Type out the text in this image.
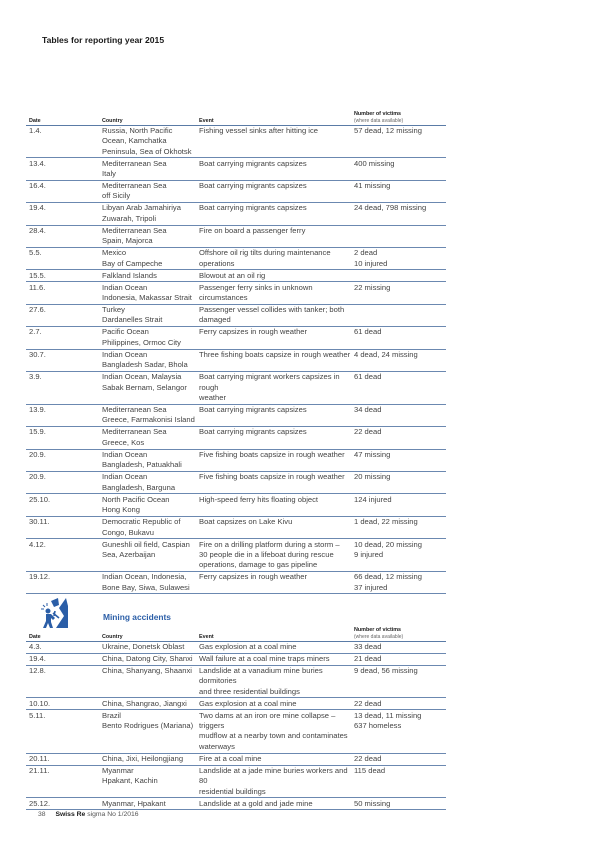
Tables for reporting year 2015
Date	Country	Event	Number of victims
(where data available)

1.4.	Russia, North Pacific
Ocean, Kamchatka
Peninsula, Sea of Okhotsk	Fishing vessel sinks after hitting ice	57 dead, 12 missing

13.4.	Mediterranean Sea
Italy	Boat carrying migrants capsizes	400 missing

16.4.	Mediterranean Sea
off Sicily	Boat carrying migrants capsizes	41 missing

19.4.	Libyan Arab Jamahiriya
Zuwarah, Tripoli	Boat carrying migrants capsizes	24 dead, 798 missing

28.4.	Mediterranean Sea
Spain, Majorca	Fire on board a passenger ferry	

5.5.	Mexico
Bay of Campeche	Offshore oil rig tilts during maintenance
operations	2 dead
10 injured

15.5.	Falkland Islands	Blowout at an oil rig	

11.6.	Indian Ocean
Indonesia, Makassar Strait	Passenger ferry sinks in unknown circumstances	22 missing

27.6.	Turkey
Dardanelles Strait	Passenger vessel collides with tanker; both
damaged	

2.7.	Pacific Ocean
Philippines, Ormoc City	Ferry capsizes in rough weather	61 dead

30.7.	Indian Ocean
Bangladesh Sadar, Bhola	Three fishing boats capsize in rough weather	4 dead, 24 missing

3.9.	Indian Ocean, Malaysia
Sabak Bernam, Selangor	Boat carrying migrant workers capsizes in rough
weather	61 dead

13.9.	Mediterranean Sea
Greece, Farmakonisi Island	Boat carrying migrants capsizes	34 dead

15.9.	Mediterranean Sea
Greece, Kos	Boat carrying migrants capsizes	22 dead

20.9.	Indian Ocean
Bangladesh, Patuakhali	Five fishing boats capsize in rough weather	47 missing

20.9.	Indian Ocean
Bangladesh, Barguna	Five fishing boats capsize in rough weather	20 missing

25.10.	North Pacific Ocean
Hong Kong	High-speed ferry hits floating object	124 injured

30.11.	Democratic Republic of
Congo, Bukavu	Boat capsizes on Lake Kivu	1 dead, 22 missing

4.12.	Guneshli oil field, Caspian
Sea, Azerbaijan	Fire on a drilling platform during a storm –
30 people die in a lifeboat during rescue
operations, damage to gas pipeline	10 dead, 20 missing
9 injured

19.12.	Indian Ocean, Indonesia,
Bone Bay, Siwa, Sulawesi	Ferry capsizes in rough weather	66 dead, 12 missing
37 injured
Mining accidents
Date	Country	Event	Number of victims
(where data available)

4.3.	Ukraine, Donetsk Oblast	Gas explosion at a coal mine	33 dead

19.4.	China, Datong City, Shanxi	Wall failure at a coal mine traps miners	21 dead

12.8.	China, Shanyang, Shaanxi	Landslide at a vanadium mine buries dormitories
and three residential buildings	9 dead, 56 missing

10.10.	China, Shangrao, Jiangxi	Gas explosion at a coal mine	22 dead

5.11.	Brazil
Bento Rodrigues (Mariana)	Two dams at an iron ore mine collapse – triggers
mudflow at a nearby town and contaminates
waterways	13 dead, 11 missing
637 homeless

20.11.	China, Jixi, Heilongjiang	Fire at a coal mine	22 dead

21.11.	Myanmar
Hpakant, Kachin	Landslide at a jade mine buries workers and 80
residential buildings	115 dead

25.12.	Myanmar, Hpakant	Landslide at a gold and jade mine	50 missing
38 Swiss Re sigma No 1/2016
